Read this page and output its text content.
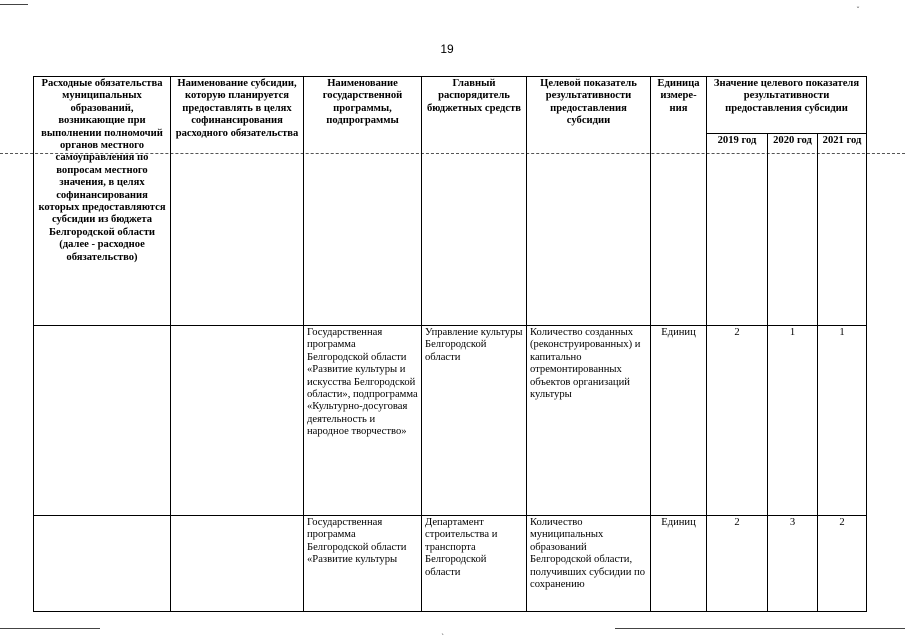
ˇ
ˎ
19
Расходные обязательства муниципальных образований, возникающие при выполнении полномочий органов местного самоуправления по вопросам местного значения, в целях софинансирования которых предоставляются субсидии из бюджета Белгородской области (далее - расходное обязательство)	Наименование субсидии, которую планируется предоставлять в целях софинансирования расходного обязательства	Наименование государственной программы, подпрограммы	Главный распорядитель бюджетных средств	Целевой показатель результативности предоставления субсидии	Единица измере-ния	Значение целевого показателя результативности предоставления субсидии		
						2019 год	2020 год	2021 год
		Государственная программа Белгородской области «Развитие культуры и искусства Белгородской области», подпрограмма «Культурно-досуговая деятельность и народное творчество»	Управление культуры Белгородской области	Количество созданных (реконструированных) и капитально отремонтированных объектов организаций культуры	Единиц	2	1	1
		Государственная программа Белгородской области «Развитие культуры	Департамент строительства и транспорта Белгородской области	Количество муниципальных образований Белгородской области, получивших субсидии по сохранению	Единиц	2	3	2
